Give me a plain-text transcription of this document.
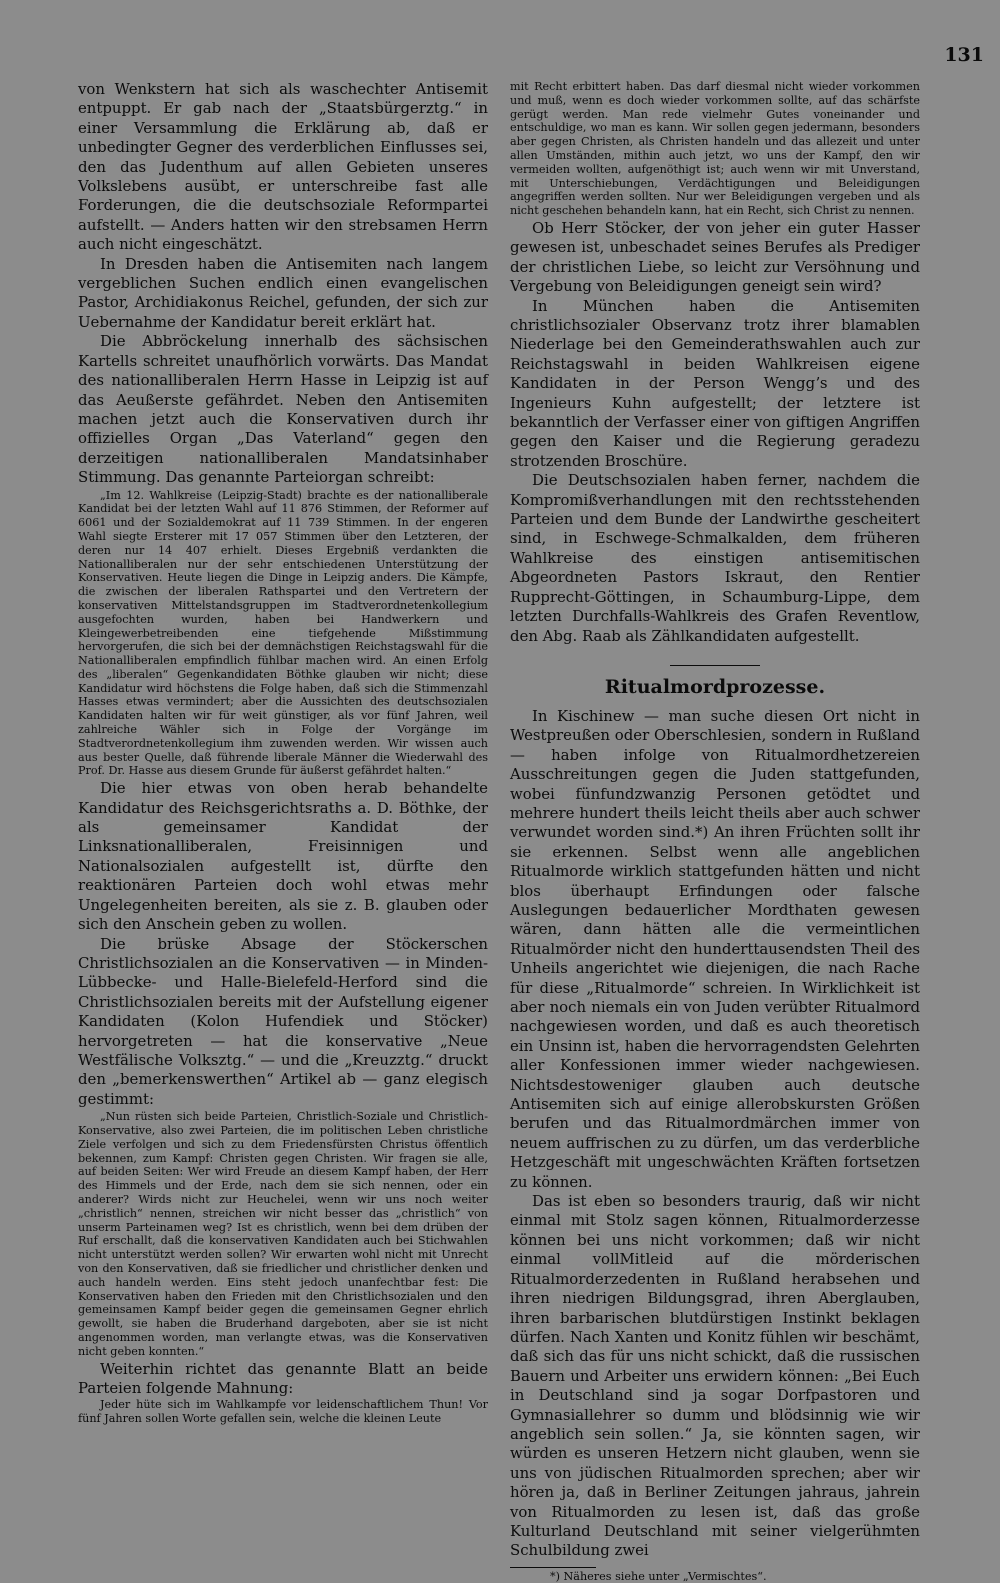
131

von Wenkstern hat sich als waschechter Antisemit entpuppt. Er gab nach der „Staatsbürgerztg.“ in einer Versammlung die Erklärung ab, daß er unbedingter Gegner des verderblichen Einflusses sei, den das Judenthum auf allen Gebieten unseres Volkslebens ausübt, er unterschreibe fast alle Forderungen, die die deutschsoziale Reformpartei aufstellt. — Anders hatten wir den strebsamen Herrn auch nicht eingeschätzt.

In Dresden haben die Antisemiten nach langem vergeblichen Suchen endlich einen evangelischen Pastor, Archidiakonus Reichel, gefunden, der sich zur Uebernahme der Kandidatur bereit erklärt hat.

Die Abbröckelung innerhalb des sächsischen Kartells schreitet unaufhörlich vorwärts. Das Mandat des nationalliberalen Herrn Hasse in Leipzig ist auf das Aeußerste gefährdet. Neben den Antisemiten machen jetzt auch die Konservativen durch ihr offizielles Organ „Das Vaterland“ gegen den derzeitigen nationalliberalen Mandatsinhaber Stimmung. Das genannte Parteiorgan schreibt:

„Im 12. Wahlkreise (Leipzig-Stadt) brachte es der nationalliberale Kandidat bei der letzten Wahl auf 11 876 Stimmen, der Reformer auf 6061 und der Sozialdemokrat auf 11 739 Stimmen. In der engeren Wahl siegte Ersterer mit 17 057 Stimmen über den Letzteren, der deren nur 14 407 erhielt. Dieses Ergebniß verdankten die Nationalliberalen nur der sehr entschiedenen Unterstützung der Konservativen. Heute liegen die Dinge in Leipzig anders. Die Kämpfe, die zwischen der liberalen Rathspartei und den Vertretern der konservativen Mittelstandsgruppen im Stadtverordnetenkollegium ausgefochten wurden, haben bei Handwerkern und Kleingewerbetreibenden eine tiefgehende Mißstimmung hervorgerufen, die sich bei der demnächstigen Reichstagswahl für die Nationalliberalen empfindlich fühlbar machen wird. An einen Erfolg des „liberalen“ Gegenkandidaten Böthke glauben wir nicht; diese Kandidatur wird höchstens die Folge haben, daß sich die Stimmenzahl Hasses etwas vermindert; aber die Aussichten des deutschsozialen Kandidaten halten wir für weit günstiger, als vor fünf Jahren, weil zahlreiche Wähler sich in Folge der Vorgänge im Stadtverordnetenkollegium ihm zuwenden werden. Wir wissen auch aus bester Quelle, daß führende liberale Männer die Wiederwahl des Prof. Dr. Hasse aus diesem Grunde für äußerst gefährdet halten.“

Die hier etwas von oben herab behandelte Kandidatur des Reichsgerichtsraths a. D. Böthke, der als gemeinsamer Kandidat der Linksnationalliberalen, Freisinnigen und Nationalsozialen aufgestellt ist, dürfte den reaktionären Parteien doch wohl etwas mehr Ungelegenheiten bereiten, als sie z. B. glauben oder sich den Anschein geben zu wollen.

Die brüske Absage der Stöckerschen Christlichsozialen an die Konservativen — in Minden-Lübbecke- und Halle-Bielefeld-Herford sind die Christlichsozialen bereits mit der Aufstellung eigener Kandidaten (Kolon Hufendiek und Stöcker) hervorgetreten — hat die konservative „Neue Westfälische Volksztg.“ — und die „Kreuzztg.“ druckt den „bemerkenswerthen“ Artikel ab — ganz elegisch gestimmt:

„Nun rüsten sich beide Parteien, Christlich-Soziale und Christlich-Konservative, also zwei Parteien, die im politischen Leben christliche Ziele verfolgen und sich zu dem Friedensfürsten Christus öffentlich bekennen, zum Kampf: Christen gegen Christen. Wir fragen sie alle, auf beiden Seiten: Wer wird Freude an diesem Kampf haben, der Herr des Himmels und der Erde, nach dem sie sich nennen, oder ein anderer? Wirds nicht zur Heuchelei, wenn wir uns noch weiter „christlich“ nennen, streichen wir nicht besser das „christlich“ von unserm Parteinamen weg? Ist es christlich, wenn bei dem drüben der Ruf erschallt, daß die konservativen Kandidaten auch bei Stichwahlen nicht unterstützt werden sollen? Wir erwarten wohl nicht mit Unrecht von den Konservativen, daß sie friedlicher und christlicher denken und auch handeln werden. Eins steht jedoch unanfechtbar fest: Die Konservativen haben den Frieden mit den Christlichsozialen und den gemeinsamen Kampf beider gegen die gemeinsamen Gegner ehrlich gewollt, sie haben die Bruderhand dargeboten, aber sie ist nicht angenommen worden, man verlangte etwas, was die Konservativen nicht geben konnten.“

Weiterhin richtet das genannte Blatt an beide Parteien folgende Mahnung:

Jeder hüte sich im Wahlkampfe vor leidenschaftlichem Thun! Vor fünf Jahren sollen Worte gefallen sein, welche die kleinen Leute

mit Recht erbittert haben. Das darf diesmal nicht wieder vorkommen und muß, wenn es doch wieder vorkommen sollte, auf das schärfste gerügt werden. Man rede vielmehr Gutes voneinander und entschuldige, wo man es kann. Wir sollen gegen jedermann, besonders aber gegen Christen, als Christen handeln und das allezeit und unter allen Umständen, mithin auch jetzt, wo uns der Kampf, den wir vermeiden wollten, aufgenöthigt ist; auch wenn wir mit Unverstand, mit Unterschiebungen, Verdächtigungen und Beleidigungen angegriffen werden sollten. Nur wer Beleidigungen vergeben und als nicht geschehen behandeln kann, hat ein Recht, sich Christ zu nennen.

Ob Herr Stöcker, der von jeher ein guter Hasser gewesen ist, unbeschadet seines Berufes als Prediger der christlichen Liebe, so leicht zur Versöhnung und Vergebung von Beleidigungen geneigt sein wird?

In München haben die Antisemiten christlichsozialer Observanz trotz ihrer blamablen Niederlage bei den Gemeinderathswahlen auch zur Reichstagswahl in beiden Wahlkreisen eigene Kandidaten in der Person Wenggʼs und des Ingenieurs Kuhn aufgestellt; der letztere ist bekanntlich der Verfasser einer von giftigen Angriffen gegen den Kaiser und die Regierung geradezu strotzenden Broschüre.

Die Deutschsozialen haben ferner, nachdem die Kompromißverhandlungen mit den rechtsstehenden Parteien und dem Bunde der Landwirthe gescheitert sind, in Eschwege-Schmalkalden, dem früheren Wahlkreise des einstigen antisemitischen Abgeordneten Pastors Iskraut, den Rentier Rupprecht-Göttingen, in Schaumburg-Lippe, dem letzten Durchfalls-Wahlkreis des Grafen Reventlow, den Abg. Raab als Zählkandidaten aufgestellt.

Ritualmordprozesse.

In Kischinew — man suche diesen Ort nicht in Westpreußen oder Oberschlesien, sondern in Rußland — haben infolge von Ritualmordhetzereien Ausschreitungen gegen die Juden stattgefunden, wobei fünfundzwanzig Personen getödtet und mehrere hundert theils leicht theils aber auch schwer verwundet worden sind.*) An ihren Früchten sollt ihr sie erkennen. Selbst wenn alle angeblichen Ritualmorde wirklich stattgefunden hätten und nicht blos überhaupt Erfindungen oder falsche Auslegungen bedauerlicher Mordthaten gewesen wären, dann hätten alle die vermeintlichen Ritualmörder nicht den hunderttausendsten Theil des Unheils angerichtet wie diejenigen, die nach Rache für diese „Ritualmorde“ schreien. In Wirklichkeit ist aber noch niemals ein von Juden verübter Ritualmord nachgewiesen worden, und daß es auch theoretisch ein Unsinn ist, haben die hervorragendsten Gelehrten aller Konfessionen immer wieder nachgewiesen. Nichtsdestoweniger glauben auch deutsche Antisemiten sich auf einige allerobskursten Größen berufen und das Ritualmordmärchen immer von neuem auffrischen zu zu dürfen, um das verderbliche Hetzgeschäft mit ungeschwächten Kräften fortsetzen zu können.

Das ist eben so besonders traurig, daß wir nicht einmal mit Stolz sagen können, Ritualmorderzesse können bei uns nicht vorkommen; daß wir nicht einmal vollMitleid auf die mörderischen Ritualmorderzedenten in Rußland herabsehen und ihren niedrigen Bildungsgrad, ihren Aberglauben, ihren barbarischen blutdürstigen Instinkt beklagen dürfen. Nach Xanten und Konitz fühlen wir beschämt, daß sich das für uns nicht schickt, daß die russischen Bauern und Arbeiter uns erwidern können: „Bei Euch in Deutschland sind ja sogar Dorfpastoren und Gymnasiallehrer so dumm und blödsinnig wie wir angeblich sein sollen.“ Ja, sie könnten sagen, wir würden es unseren Hetzern nicht glauben, wenn sie uns von jüdischen Ritualmorden sprechen; aber wir hören ja, daß in Berliner Zeitungen jahraus, jahrein von Ritualmorden zu lesen ist, daß das große Kulturland Deutschland mit seiner vielgerühmten Schulbildung zwei

*) Näheres siehe unter „Vermischtes“.
